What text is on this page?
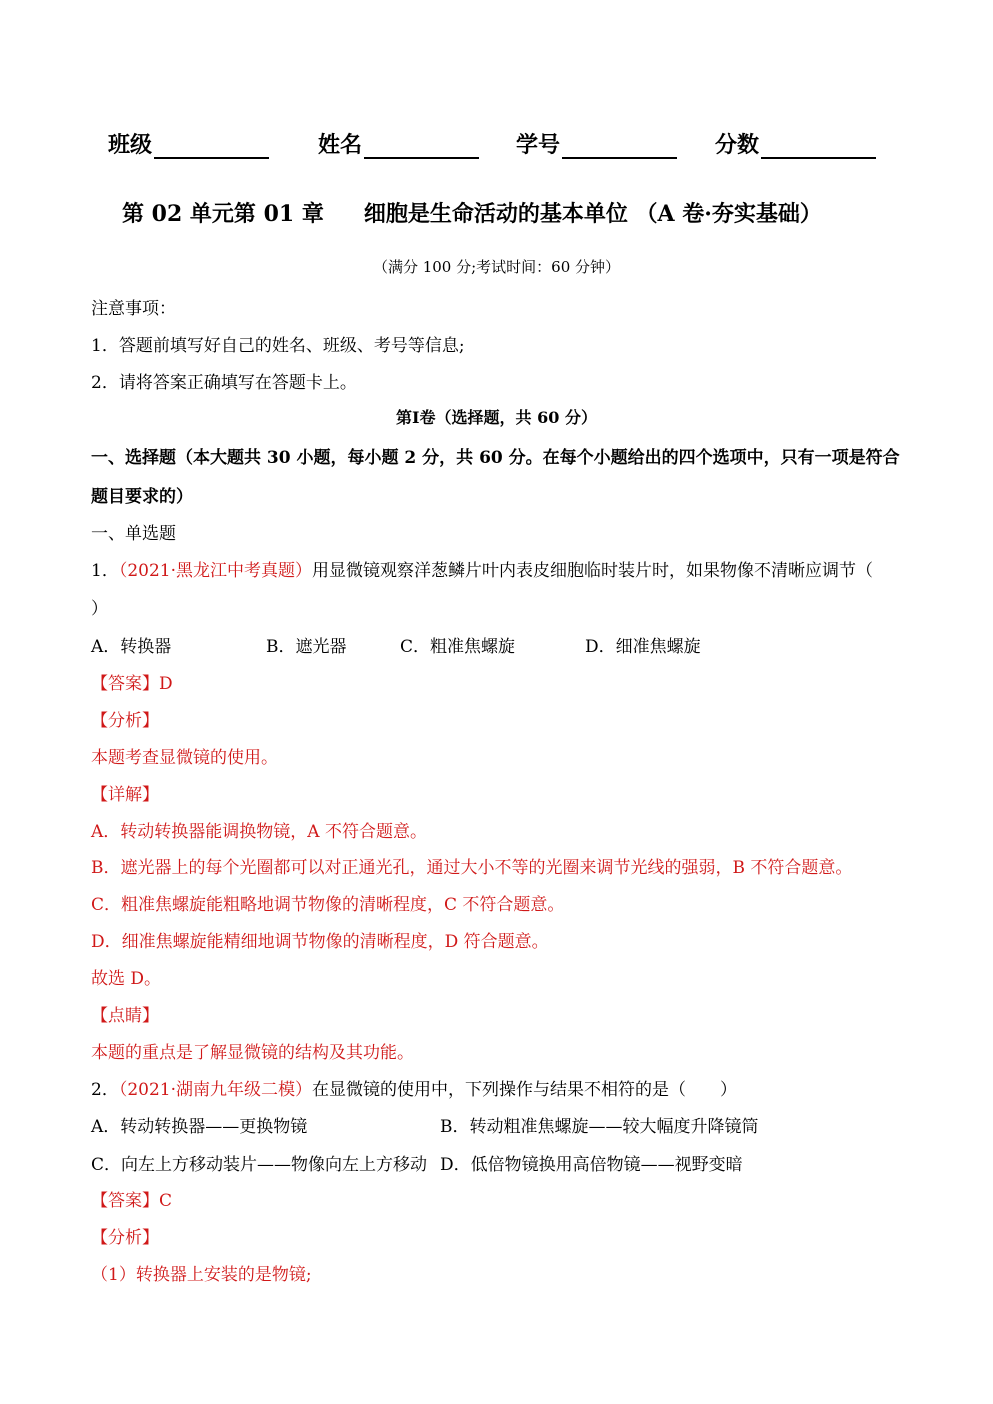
班级	姓名	学号	分数
第 02 单元第 01 章 细胞是生命活动的基本单位 （A 卷·夯实基础）
（满分 100 分;考试时间：60 分钟）
注意事项：
1．答题前填写好自己的姓名、班级、考号等信息;
2．请将答案正确填写在答题卡上。
第Ⅰ卷（选择题，共 60 分）
一、选择题（本大题共 30 小题，每小题 2 分，共 60 分。在每个小题给出的四个选项中，只有一项是符合
题目要求的）
一、单选题
1．（2021·黑龙江中考真题）用显微镜观察洋葱鳞片叶内表皮细胞临时装片时，如果物像不清晰应调节（
）
A．转换器	B．遮光器	C．粗准焦螺旋	D．细准焦螺旋
【答案】D
【分析】
本题考查显微镜的使用。
【详解】
A．转动转换器能调换物镜，A 不符合题意。
B．遮光器上的每个光圈都可以对正通光孔，通过大小不等的光圈来调节光线的强弱，B 不符合题意。
C．粗准焦螺旋能粗略地调节物像的清晰程度，C 不符合题意。
D．细准焦螺旋能精细地调节物像的清晰程度，D 符合题意。
故选 D。
【点睛】
本题的重点是了解显微镜的结构及其功能。
2．（2021·湖南九年级二模）在显微镜的使用中，下列操作与结果不相符的是（　　）
A．转动转换器——更换物镜	B．转动粗准焦螺旋——较大幅度升降镜筒
C．向左上方移动装片——物像向左上方移动 D．低倍物镜换用高倍物镜——视野变暗
【答案】C
【分析】
（1）转换器上安装的是物镜;
